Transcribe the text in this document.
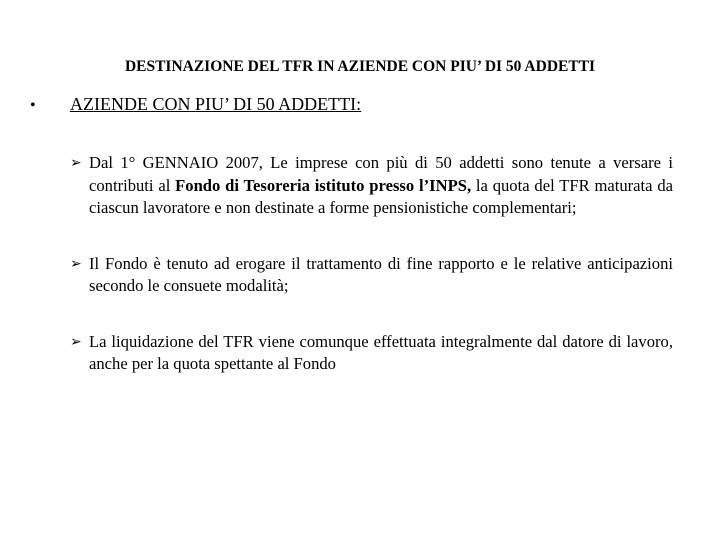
DESTINAZIONE DEL TFR IN AZIENDE CON PIU’ DI 50 ADDETTI
•	AZIENDE CON PIU’ DI 50 ADDETTI:
➢ Dal 1° GENNAIO 2007, Le imprese con più di 50 addetti sono tenute a versare i contributi al Fondo di Tesoreria istituto presso l’INPS, la quota del TFR maturata da ciascun lavoratore e non destinate a forme pensionistiche complementari;
➢ Il Fondo è tenuto ad erogare il trattamento di fine rapporto e le relative anticipazioni secondo le consuete modalità;
➢ La liquidazione del TFR viene comunque effettuata integralmente dal datore di lavoro, anche per la quota spettante al Fondo
